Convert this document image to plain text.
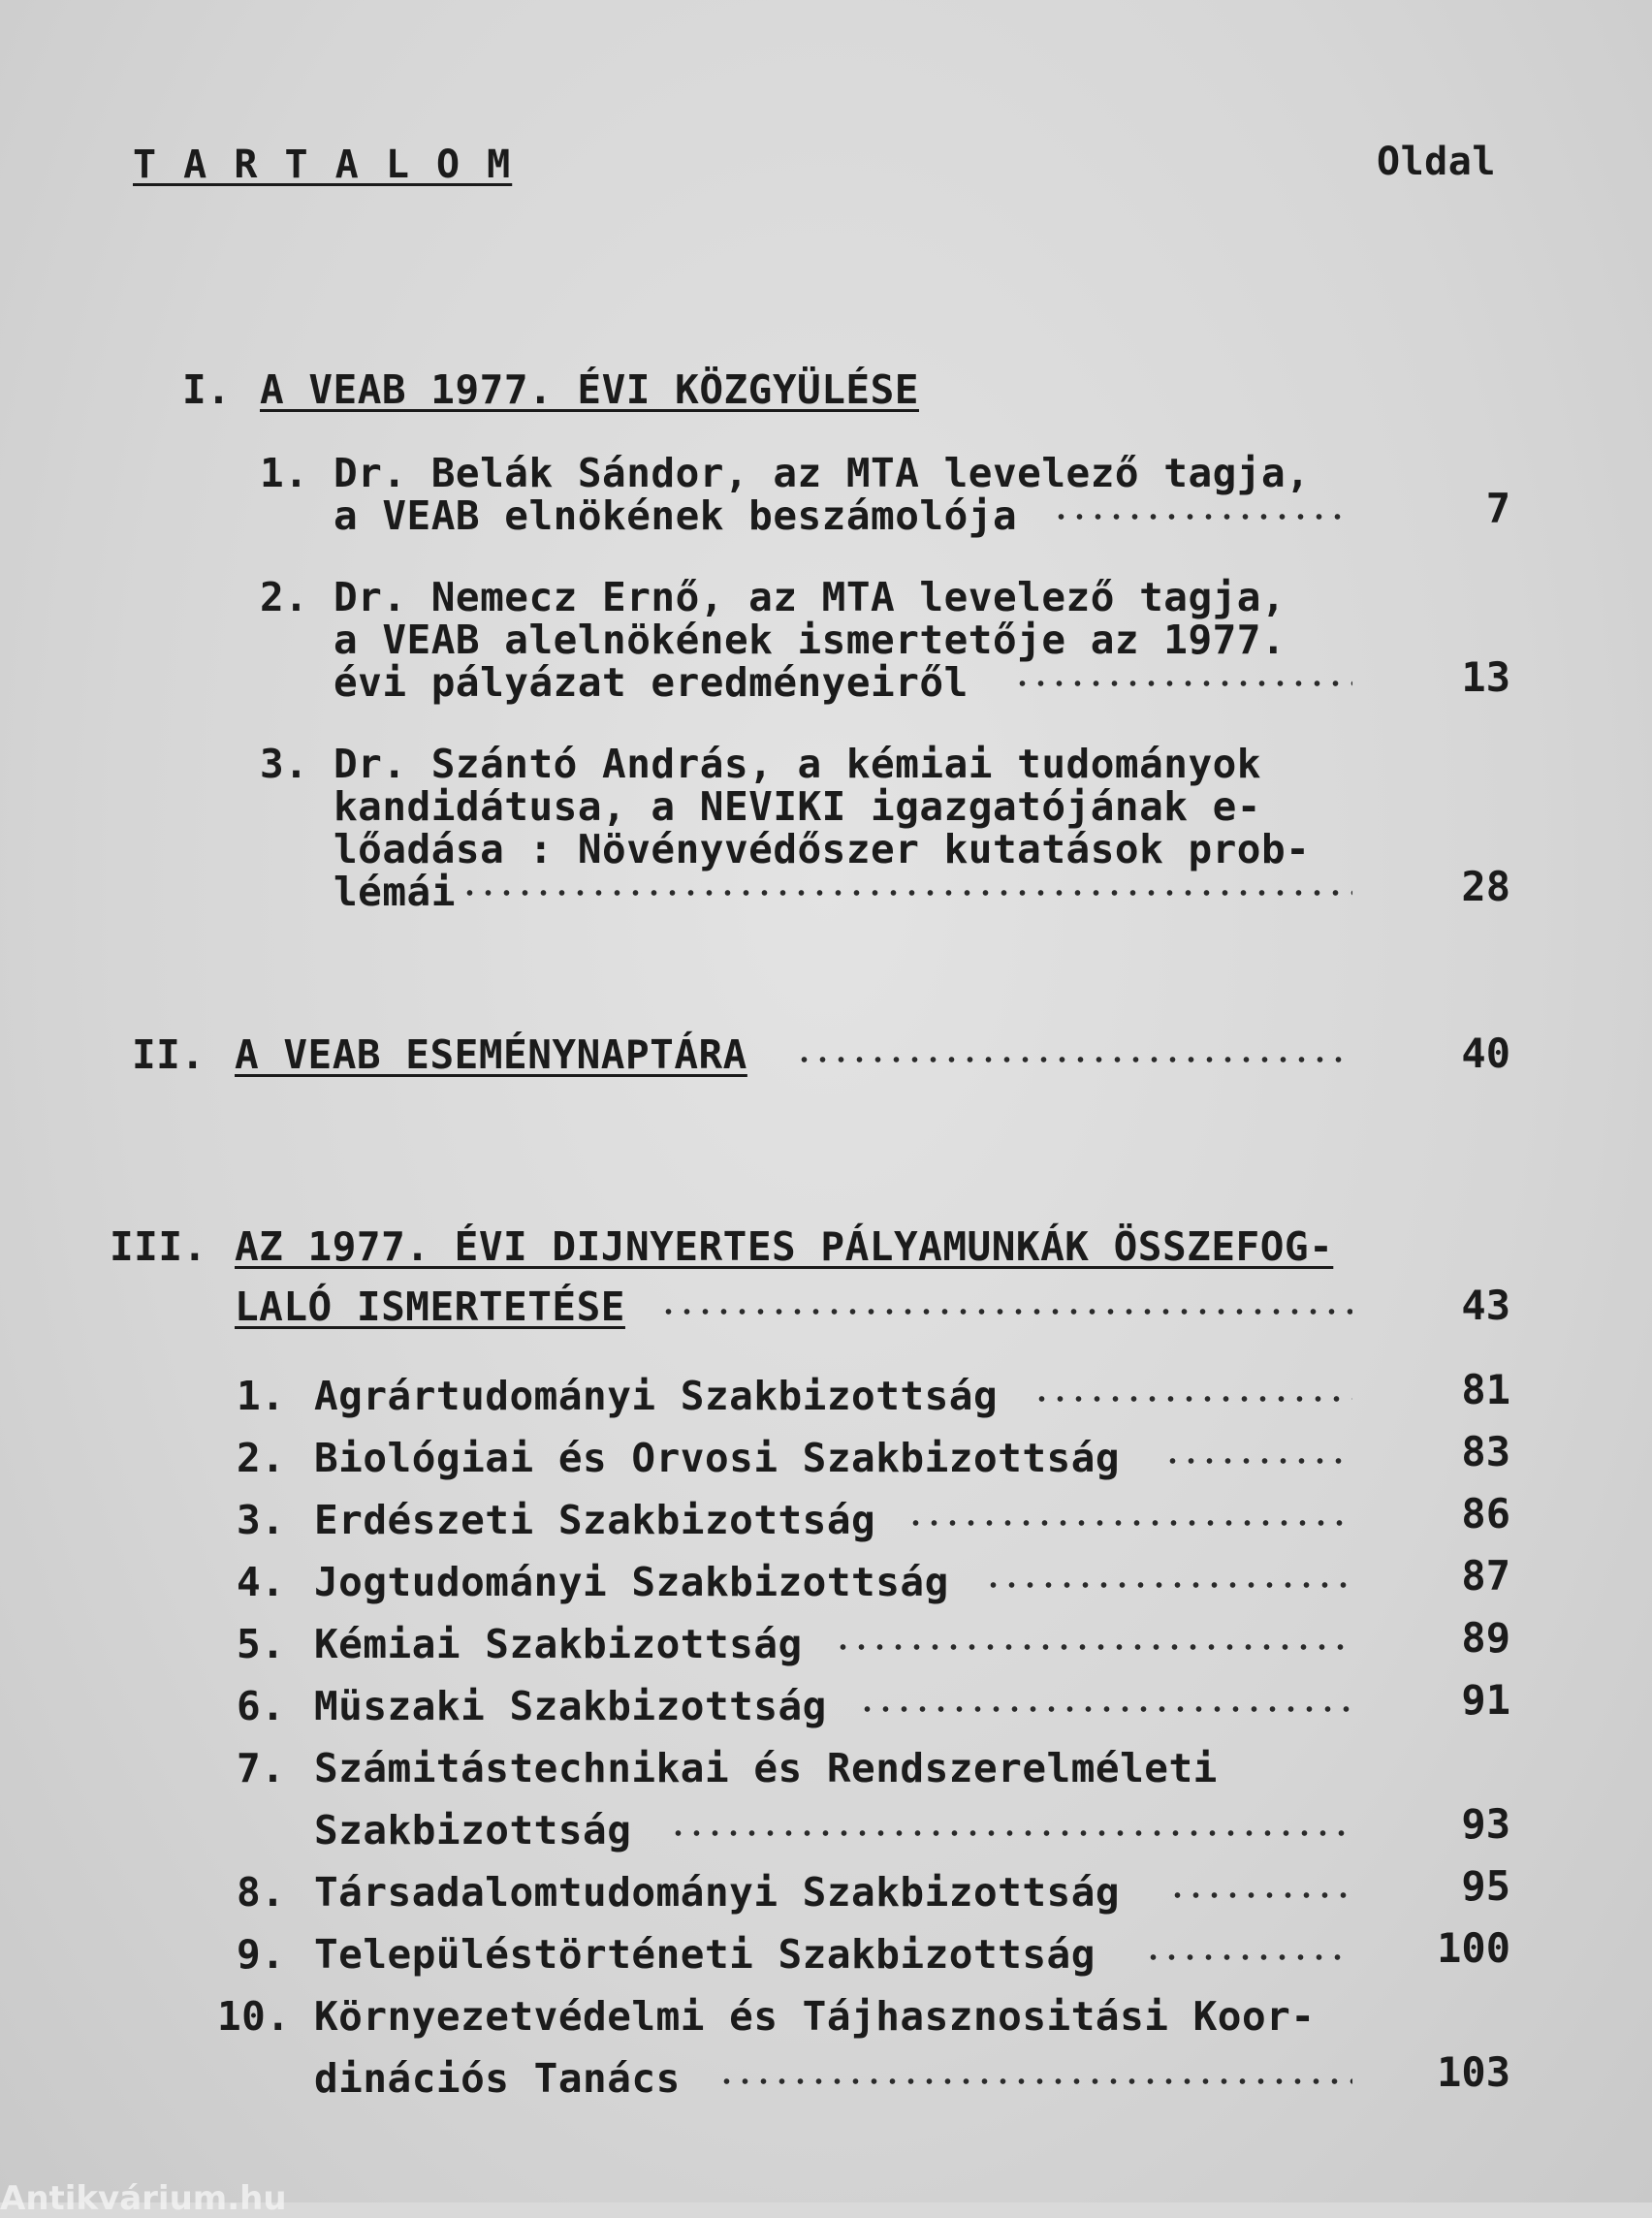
T A R T A L O M	Oldal
I. A VEAB 1977. ÉVI KÖZGYÜLÉSE
1. Dr. Belák Sándor, az MTA levelező tagja,
a VEAB elnökének beszámolója	7
2. Dr. Nemecz Ernő, az MTA levelező tagja,
a VEAB alelnökének ismertetője az 1977.
évi pályázat eredményeiről	13
3. Dr. Szántó András, a kémiai tudományok
kandidátusa, a NEVIKI igazgatójának e-
lőadása : Növényvédőszer kutatások prob-
lémái	28
II. A VEAB ESEMÉNYNAPTÁRA	40
III. AZ 1977. ÉVI DIJNYERTES PÁLYAMUNKÁK ÖSSZEFOG-
LALÓ ISMERTETÉSE	43
1. Agrártudományi Szakbizottság	81
2. Biológiai és Orvosi Szakbizottság	83
3. Erdészeti Szakbizottság	86
4. Jogtudományi Szakbizottság	87
5. Kémiai Szakbizottság	89
6. Müszaki Szakbizottság	91
7. Számitástechnikai és Rendszerelméleti
Szakbizottság	93
8. Társadalomtudományi Szakbizottság	95
9. Településtörténeti Szakbizottság	100
10. Környezetvédelmi és Tájhasznositási Koor-
dinációs Tanács	103
Antikvárium.hu
